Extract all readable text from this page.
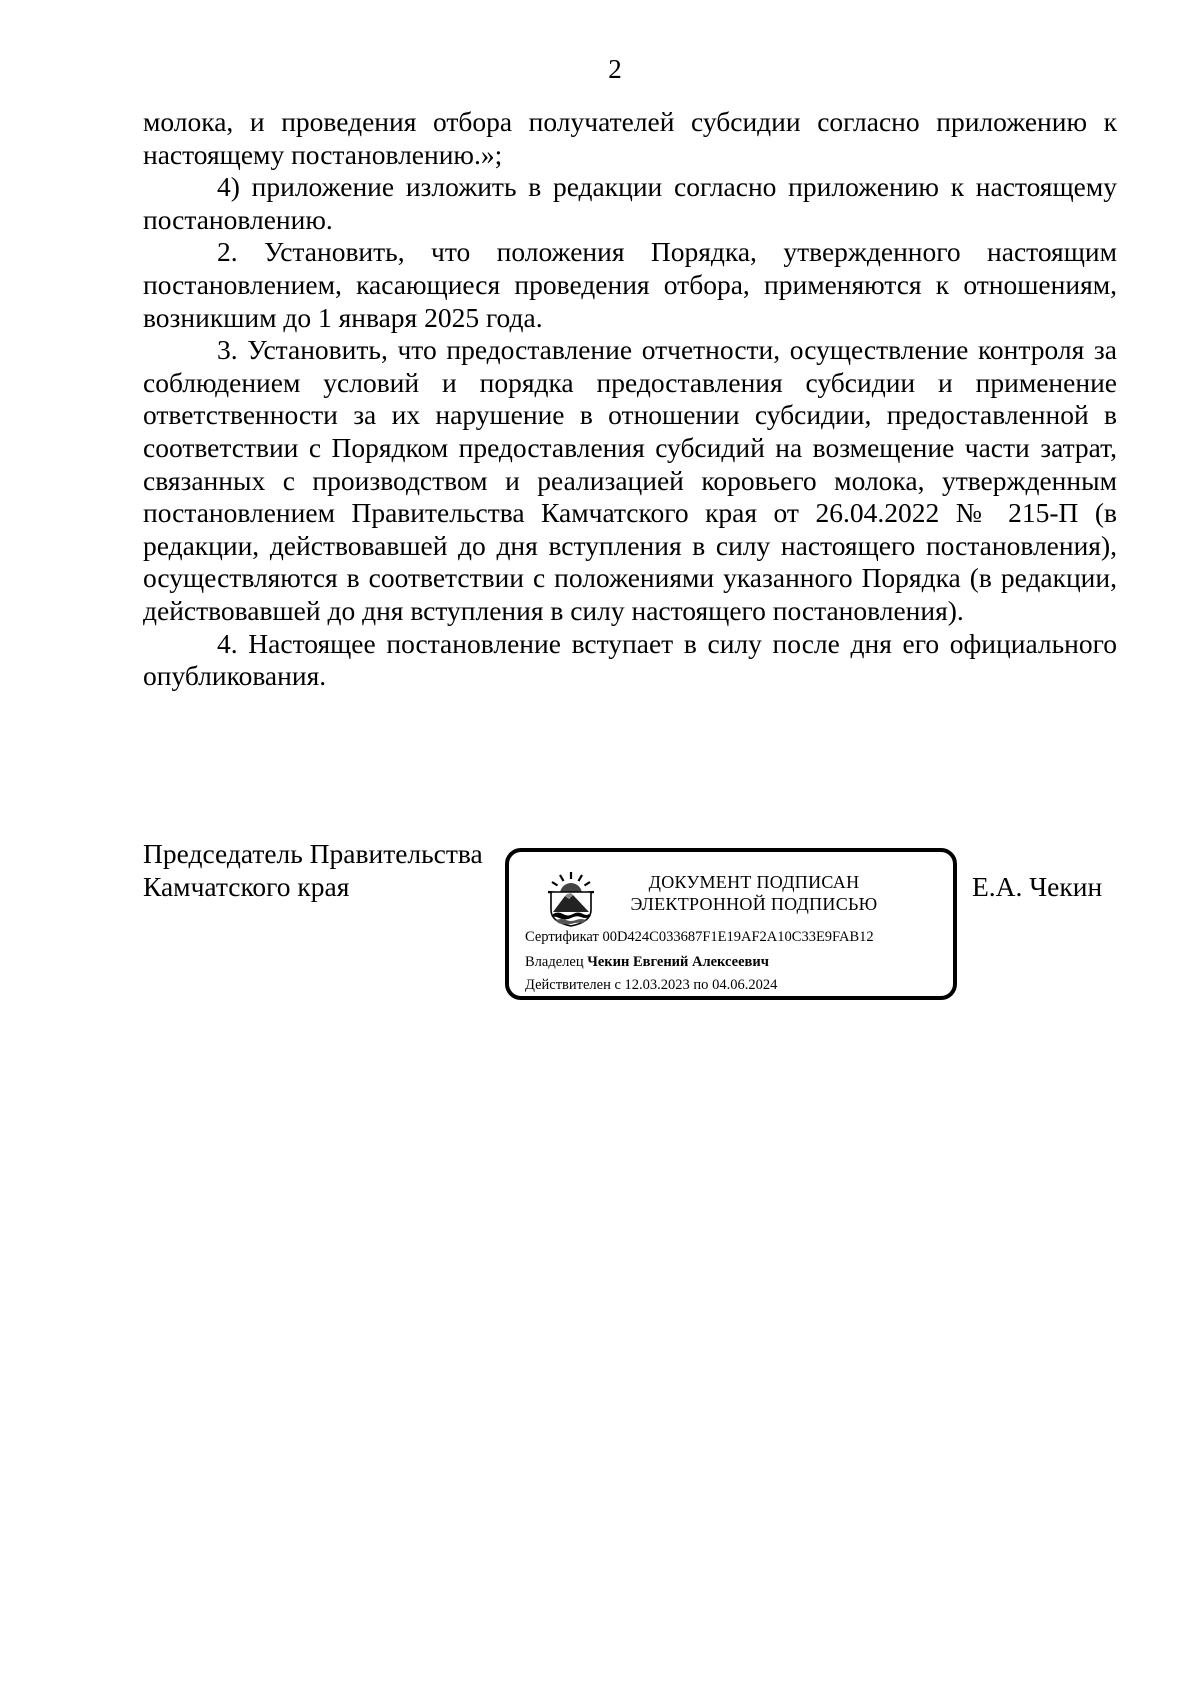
2

молока, и проведения отбора получателей субсидии согласно приложению к настоящему постановлению.»;

4) приложение изложить в редакции согласно приложению к настоящему постановлению.

2. Установить, что положения Порядка, утвержденного настоящим постановлением, касающиеся проведения отбора, применяются к отношениям, возникшим до 1 января 2025 года.

3. Установить, что предоставление отчетности, осуществление контроля за соблюдением условий и порядка предоставления субсидии и применение ответственности за их нарушение в отношении субсидии, предоставленной в соответствии с Порядком предоставления субсидий на возмещение части затрат, связанных с производством и реализацией коровьего молока, утвержденным постановлением Правительства Камчатского края от 26.04.2022 № 215-П (в редакции, действовавшей до дня вступления в силу настоящего постановления), осуществляются в соответствии с положениями указанного Порядка (в редакции, действовавшей до дня вступления в силу настоящего постановления).

4. Настоящее постановление вступает в силу после дня его официального опубликования.

Председатель Правительства
Камчатского края	Е.А. Чекин
ДОКУМЕНТ ПОДПИСАН
ЭЛЕКТРОННОЙ ПОДПИСЬЮ
Сертификат 00D424C033687F1E19AF2A10C33E9FAB12
Владелец Чекин Евгений Алексеевич
Действителен с 12.03.2023 по 04.06.2024
